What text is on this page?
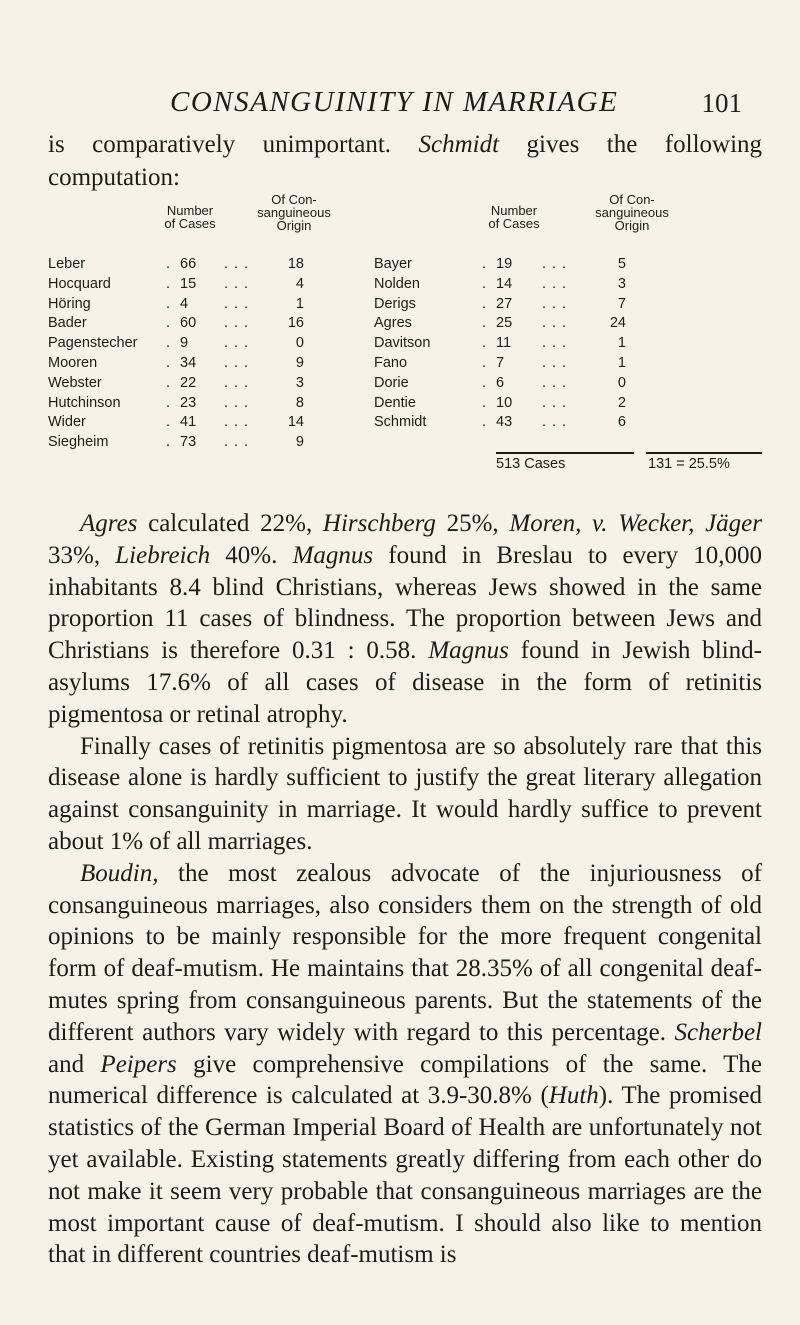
CONSANGUINITY IN MARRIAGE	101

is comparatively unimportant. Schmidt gives the following computation:

Number
of Cases
Of Con-
sanguineous
Origin
Number
of Cases
Of Con-
sanguineous
Origin
Leber	66	18
.	...
Hocquard	15	4
.	...
Höring	4	1
.	...
Bader	60	16
.	...
Pagenstecher	9	0
.	...
Mooren	34	9
.	...
Webster	22	3
.	...
Hutchinson	23	8
.	...
Wider	41	14
.	...
Siegheim	73	9
.	...
Bayer	19	5
.	...
Nolden	14	3
.	...
Derigs	27	7
.	...
Agres	25	24
.	...
Davitson	11	1
.	...
Fano	7	1
.	...
Dorie	6	0
.	...
Dentie	10	2
.	...
Schmidt	43	6
.	...
513 Cases	131 = 25.5%

Agres calculated 22%, Hirschberg 25%, Moren, v. Wecker, Jäger 33%, Liebreich 40%. Magnus found in Breslau to every 10,000 inhabitants 8.4 blind Christians, whereas Jews showed in the same proportion 11 cases of blindness. The proportion between Jews and Christians is therefore 0.31 : 0.58. Magnus found in Jewish blind-asylums 17.6% of all cases of disease in the form of retinitis pigmentosa or retinal atrophy.

Finally cases of retinitis pigmentosa are so absolutely rare that this disease alone is hardly sufficient to justify the great literary allegation against consanguinity in marriage. It would hardly suffice to prevent about 1% of all marriages.

Boudin, the most zealous advocate of the injuriousness of consanguineous marriages, also considers them on the strength of old opinions to be mainly responsible for the more frequent congenital form of deaf-mutism. He maintains that 28.35% of all congenital deaf-mutes spring from consanguineous parents. But the statements of the different authors vary widely with regard to this percentage. Scherbel and Peipers give comprehensive compilations of the same. The numerical difference is calculated at 3.9-30.8% (Huth). The promised statistics of the German Imperial Board of Health are unfortunately not yet available. Existing statements greatly differing from each other do not make it seem very probable that consanguineous marriages are the most important cause of deaf-mutism. I should also like to mention that in different countries deaf-mutism is
